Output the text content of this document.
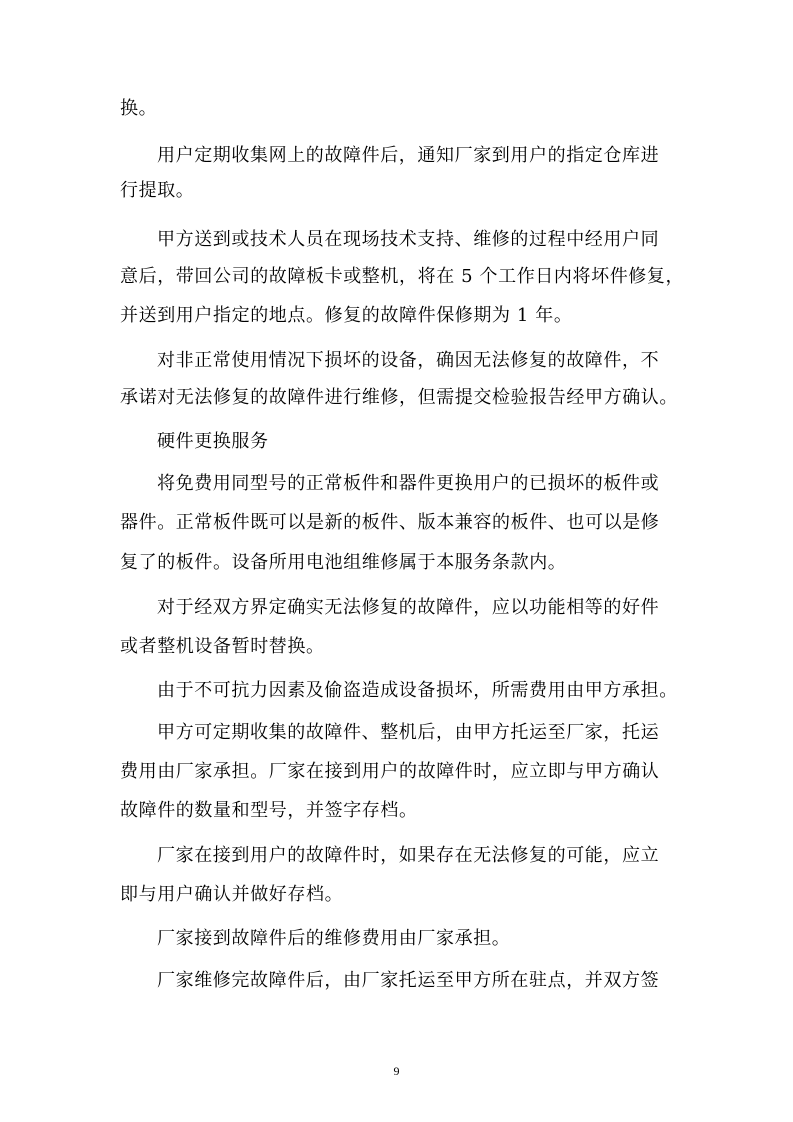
换。

用户定期收集网上的故障件后，通知厂家到用户的指定仓库进

行提取。

甲方送到或技术人员在现场技术支持、维修的过程中经用户同

意后，带回公司的故障板卡或整机，将在 5 个工作日内将坏件修复，

并送到用户指定的地点。修复的故障件保修期为 1 年。

对非正常使用情况下损坏的设备，确因无法修复的故障件，不

承诺对无法修复的故障件进行维修，但需提交检验报告经甲方确认。

硬件更换服务

将免费用同型号的正常板件和器件更换用户的已损坏的板件或

器件。正常板件既可以是新的板件、版本兼容的板件、也可以是修

复了的板件。设备所用电池组维修属于本服务条款内。

对于经双方界定确实无法修复的故障件，应以功能相等的好件

或者整机设备暂时替换。

由于不可抗力因素及偷盗造成设备损坏，所需费用由甲方承担。

甲方可定期收集的故障件、整机后，由甲方托运至厂家，托运

费用由厂家承担。厂家在接到用户的故障件时，应立即与甲方确认

故障件的数量和型号，并签字存档。

厂家在接到用户的故障件时，如果存在无法修复的可能，应立

即与用户确认并做好存档。

厂家接到故障件后的维修费用由厂家承担。

厂家维修完故障件后，由厂家托运至甲方所在驻点，并双方签

9
